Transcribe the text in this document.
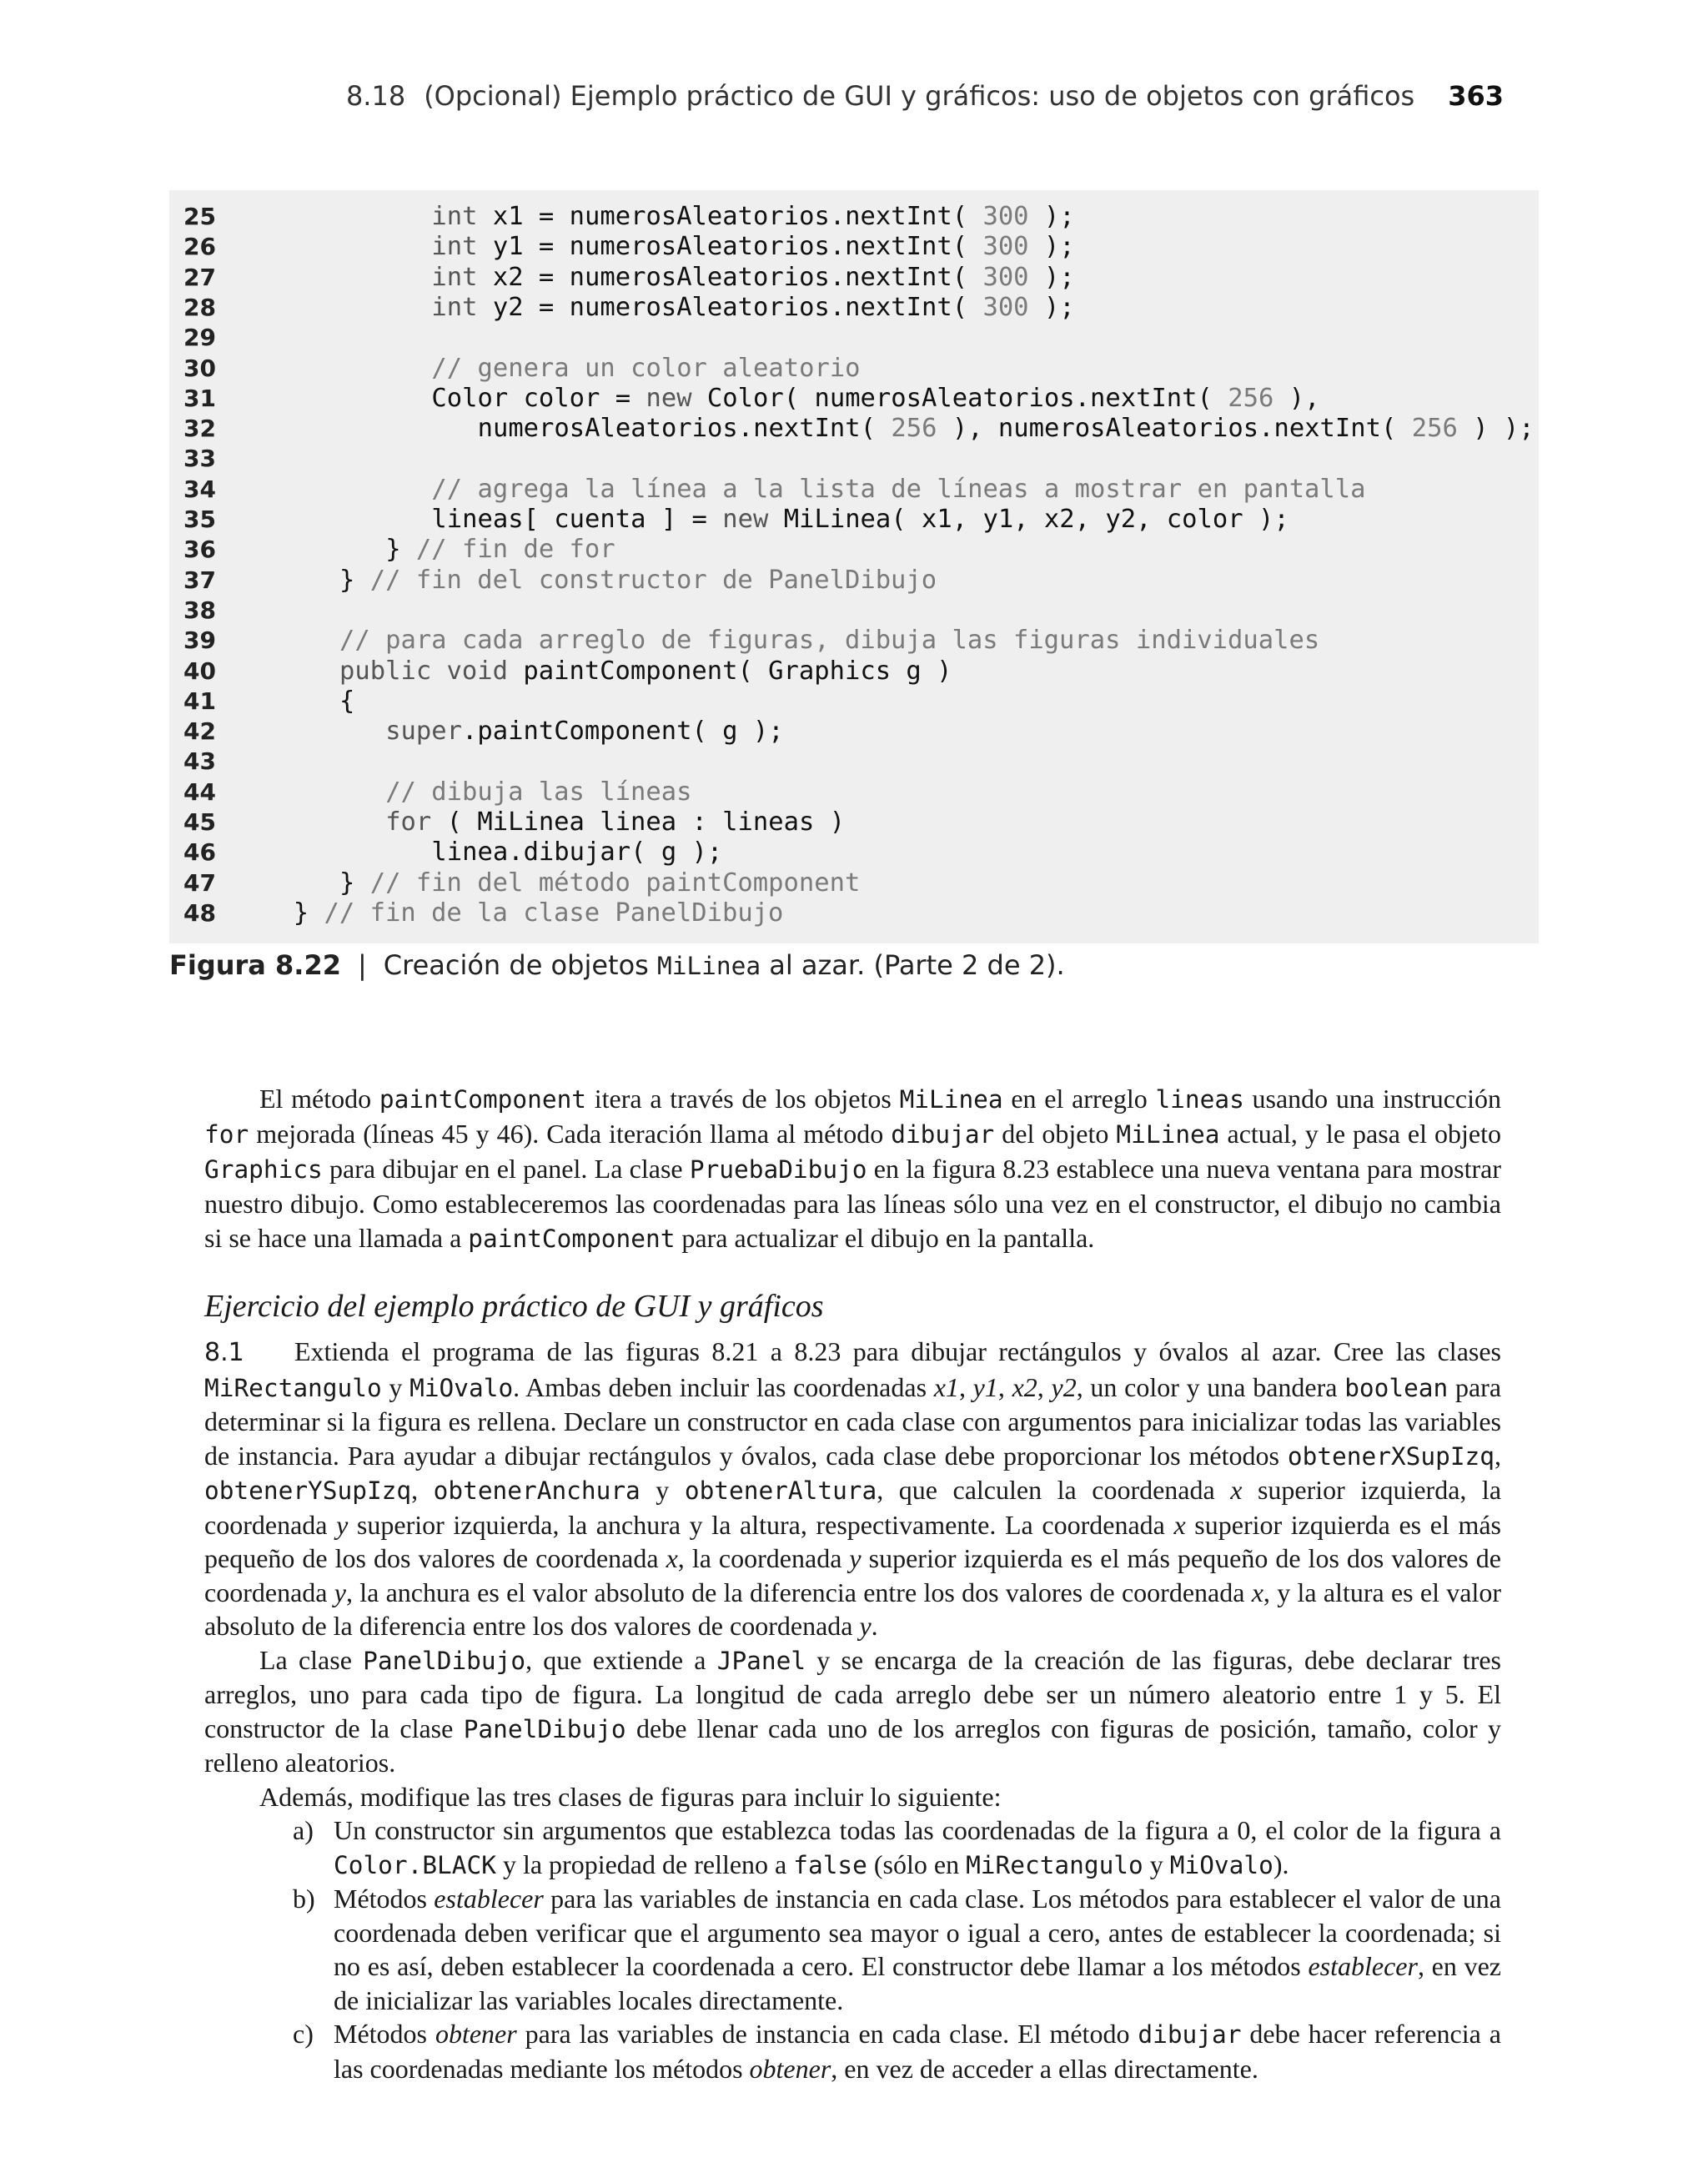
8.18 (Opcional) Ejemplo práctico de GUI y gráficos: uso de objetos con gráficos 363
25	int x1 = numerosAleatorios.nextInt( 300 );
26	int y1 = numerosAleatorios.nextInt( 300 );
27	int x2 = numerosAleatorios.nextInt( 300 );
28	int y2 = numerosAleatorios.nextInt( 300 );
29
30	// genera un color aleatorio
31	Color color = new Color( numerosAleatorios.nextInt( 256 ),
32	numerosAleatorios.nextInt( 256 ), numerosAleatorios.nextInt( 256 ) );
33
34	// agrega la línea a la lista de líneas a mostrar en pantalla
35	lineas[ cuenta ] = new MiLinea( x1, y1, x2, y2, color );
36	} // fin de for
37	} // fin del constructor de PanelDibujo
38
39	// para cada arreglo de figuras, dibuja las figuras individuales
40	public void paintComponent( Graphics g )
41	{
42	super.paintComponent( g );
43
44	// dibuja las líneas
45	for ( MiLinea linea : lineas )
46	linea.dibujar( g );
47	} // fin del método paintComponent
48	} // fin de la clase PanelDibujo
Figura 8.22 | Creación de objetos MiLinea al azar. (Parte 2 de 2).

El método paintComponent itera a través de los objetos MiLinea en el arreglo lineas usando una instrucción for mejorada (líneas 45 y 46). Cada iteración llama al método dibujar del objeto MiLinea actual, y le pasa el objeto Graphics para dibujar en el panel. La clase PruebaDibujo en la figura 8.23 establece una nueva ventana para mostrar nuestro dibujo. Como estableceremos las coordenadas para las líneas sólo una vez en el constructor, el dibujo no cambia si se hace una llamada a paintComponent para actualizar el dibujo en la pantalla.

Ejercicio del ejemplo práctico de GUI y gráficos

8.1 Extienda el programa de las figuras 8.21 a 8.23 para dibujar rectángulos y óvalos al azar. Cree las clases MiRectangulo y MiOvalo. Ambas deben incluir las coordenadas x1, y1, x2, y2, un color y una bandera boolean para determinar si la figura es rellena. Declare un constructor en cada clase con argumentos para inicializar todas las variables de instancia. Para ayudar a dibujar rectángulos y óvalos, cada clase debe proporcionar los métodos obtenerXSupIzq, obtenerYSupIzq, obtenerAnchura y obtenerAltura, que calculen la coordenada x superior izquierda, la coordenada y superior izquierda, la anchura y la altura, respectivamente. La coordenada x superior izquierda es el más pequeño de los dos valores de coordenada x, la coordenada y superior izquierda es el más pequeño de los dos valores de coordenada y, la anchura es el valor absoluto de la diferencia entre los dos valores de coordenada x, y la altura es el valor absoluto de la diferencia entre los dos valores de coordenada y.

La clase PanelDibujo, que extiende a JPanel y se encarga de la creación de las figuras, debe declarar tres arreglos, uno para cada tipo de figura. La longitud de cada arreglo debe ser un número aleatorio entre 1 y 5. El constructor de la clase PanelDibujo debe llenar cada uno de los arreglos con figuras de posición, tamaño, color y relleno aleatorios.

Además, modifique las tres clases de figuras para incluir lo siguiente:

a) Un constructor sin argumentos que establezca todas las coordenadas de la figura a 0, el color de la figura a Color.BLACK y la propiedad de relleno a false (sólo en MiRectangulo y MiOvalo).

b) Métodos establecer para las variables de instancia en cada clase. Los métodos para establecer el valor de una coordenada deben verificar que el argumento sea mayor o igual a cero, antes de establecer la coordenada; si no es así, deben establecer la coordenada a cero. El constructor debe llamar a los métodos establecer, en vez de inicializar las variables locales directamente.

c) Métodos obtener para las variables de instancia en cada clase. El método dibujar debe hacer referencia a las coordenadas mediante los métodos obtener, en vez de acceder a ellas directamente.
